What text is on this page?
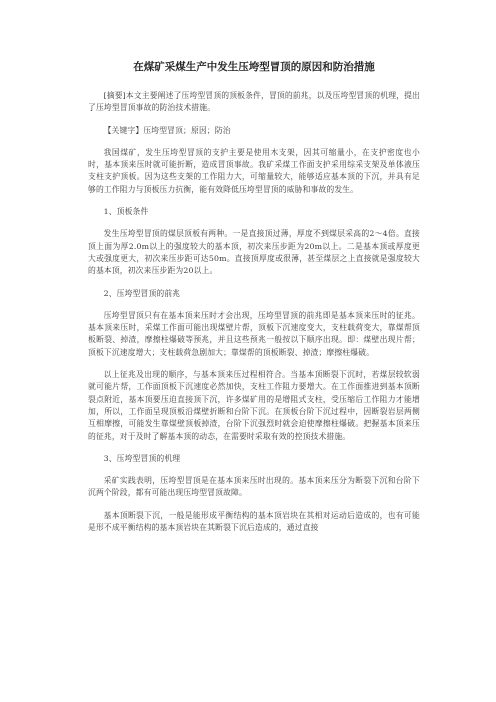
在煤矿采煤生产中发生压垮型冒顶的原因和防治措施

[摘要]本文主要阐述了压垮型冒顶的顶板条件，冒顶的前兆，以及压垮型冒顶的机理，提出了压垮型冒顶事故的防治技术措施。

【关键字】压垮型冒顶；原因；防治

我国煤矿，发生压垮型冒顶的支护主要是使用木支架，因其可缩量小，在支护密度也小时，基本顶来压时就可能折断，造成冒顶事故。我矿采煤工作面支护采用综采支架及单体液压支柱支护顶板。因为这些支架的工作阻力大，可缩量较大，能够适应基本顶的下沉，并具有足够的工作阻力与顶板压力抗衡，能有效降低压垮型冒顶的威胁和事故的发生。

1、顶板条件

发生压垮型冒顶的煤层顶板有两种。一是直接顶过薄，厚度不到煤层采高的2～4倍。直接顶上面为厚2.0m以上的强度较大的基本顶，初次来压步距为20m以上。二是基本顶或厚度更大或强度更大，初次来压步距可达50m。直接顶厚度或很薄，甚至煤层之上直接就是强度较大的基本顶，初次来压步距为20以上。

2、压垮型冒顶的前兆

压垮型冒顶只有在基本顶来压时才会出现，压垮型冒顶的前兆即是基本顶来压时的征兆。基本顶来压时，采煤工作面可能出现煤壁片帮，顶板下沉速度变大，支柱载荷变大，靠煤帮顶板断裂、掉渣，摩擦柱爆破等预兆，并且这些预兆一般按以下顺序出现。即：煤壁出现片帮；顶板下沉速度增大；支柱载荷急剧加大；靠煤帮的顶板断裂、掉渣；摩擦柱爆破。

以上征兆及出现的顺序，与基本顶来压过程相符合。当基本顶断裂下沉时，若煤层较软弱就可能片帮，工作面顶板下沉速度必然加快，支柱工作阻力要增大。在工作面推进到基本顶断裂点附近，基本顶要压迫直接顶下沉，许多煤矿用的是增阻式支柱，受压缩后工作阻力才能增加，所以，工作面呈现顶板沿煤壁折断和台阶下沉。在顶板台阶下沉过程中，因断裂岩层两侧互相摩擦，可能发生靠煤壁顶板掉渣，台阶下沉强烈时就会迫使摩擦柱爆破。把握基本顶来压的征兆，对于及时了解基本顶的动态，在需要时采取有效的控顶技术措施。

3、压垮型冒顶的机理

采矿实践表明，压垮型冒顶是在基本顶来压时出现的。基本顶来压分为断裂下沉和台阶下沉两个阶段，都有可能出现压垮型冒顶故障。

基本顶断裂下沉，一般是能形成平衡结构的基本顶岩块在其相对运动后造成的，也有可能是形不成平衡结构的基本顶岩块在其断裂下沉后造成的，通过直接
